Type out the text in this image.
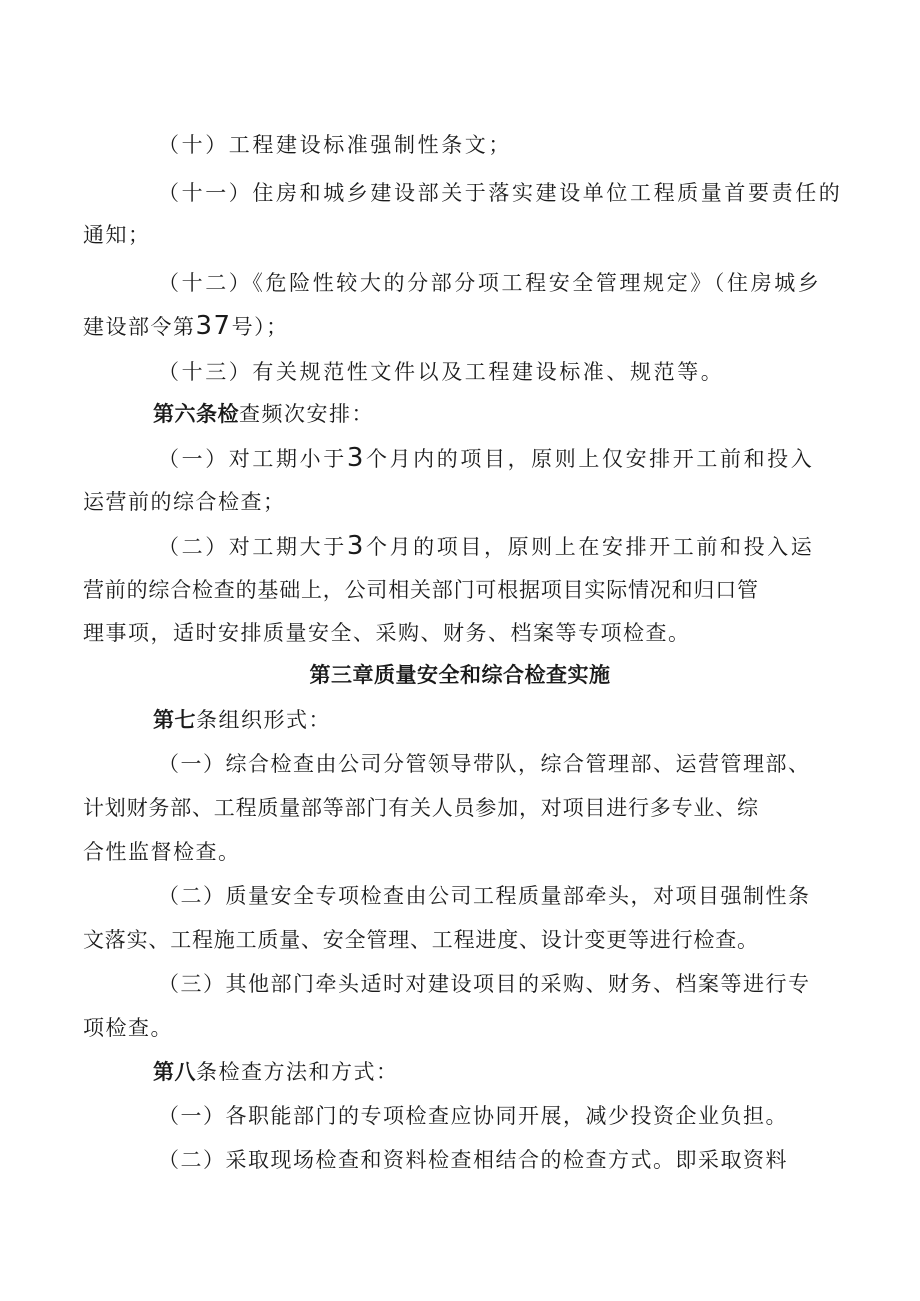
（十）工程建设标准强制性条文；
（十一）住房和城乡建设部关于落实建设单位工程质量首要责任的
通知；
（十二）《危险性较大的分部分项工程安全管理规定》（住房城乡
建设部令第37号）；
（十三）有关规范性文件以及工程建设标准、规范等。
第六条检查频次安排：
（一）对工期小于3个月内的项目，原则上仅安排开工前和投入
运营前的综合检查；
（二）对工期大于3个月的项目，原则上在安排开工前和投入运
营前的综合检查的基础上，公司相关部门可根据项目实际情况和归口管
理事项，适时安排质量安全、采购、财务、档案等专项检查。
第三章质量安全和综合检查实施
第七条组织形式：
（一）综合检查由公司分管领导带队，综合管理部、运营管理部、
计划财务部、工程质量部等部门有关人员参加，对项目进行多专业、综
合性监督检查。
（二）质量安全专项检查由公司工程质量部牵头，对项目强制性条
文落实、工程施工质量、安全管理、工程进度、设计变更等进行检查。
（三）其他部门牵头适时对建设项目的采购、财务、档案等进行专
项检查。
第八条检查方法和方式：
（一）各职能部门的专项检查应协同开展，减少投资企业负担。
（二）采取现场检查和资料检查相结合的检查方式。即采取资料
